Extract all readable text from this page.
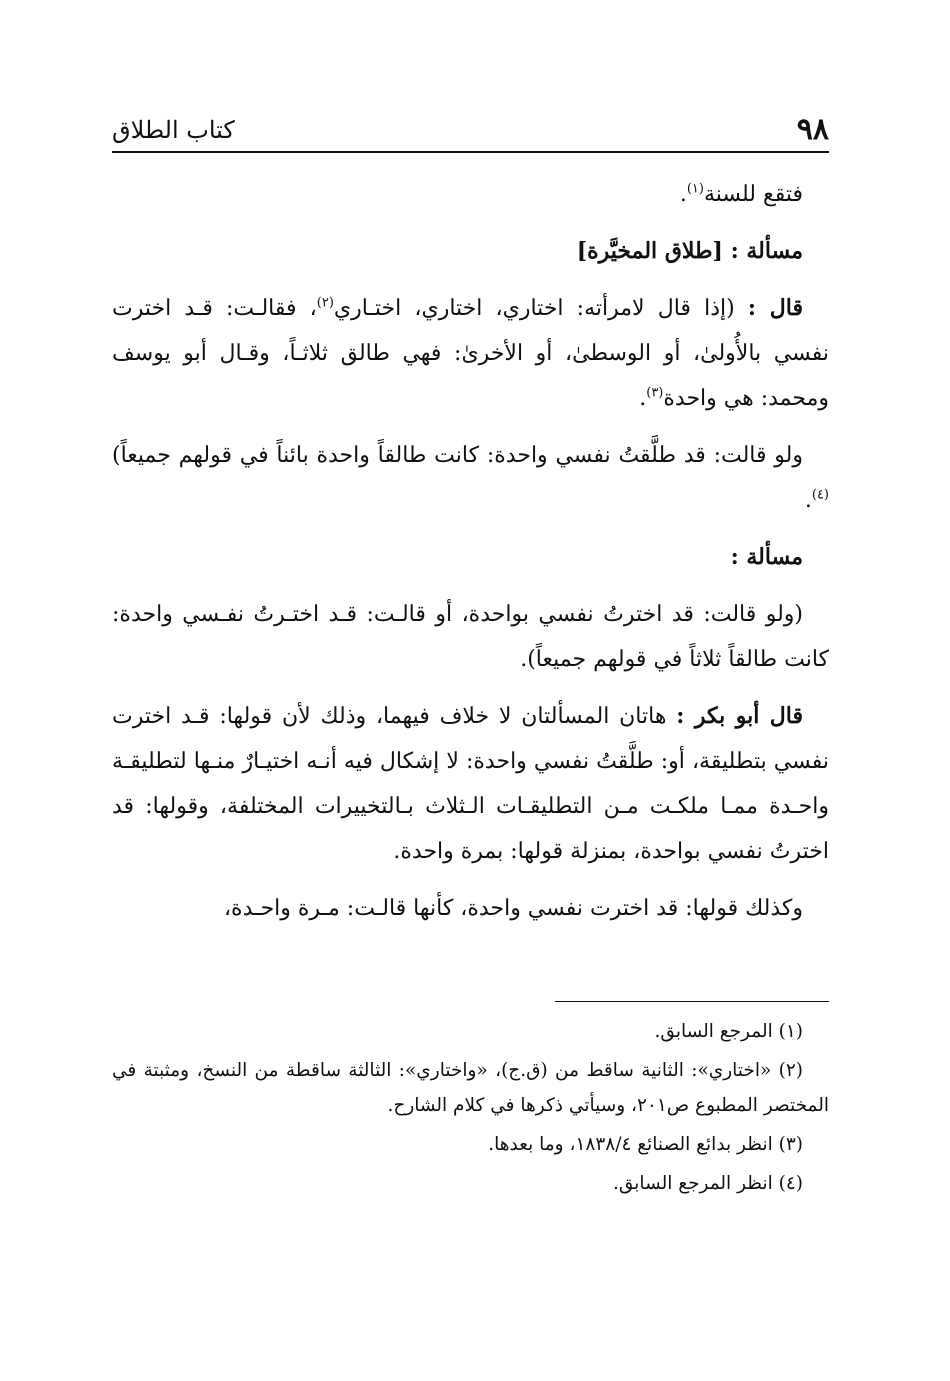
٩٨
كتاب الطلاق

فتقع للسنة$^{(١)}$.

مسألة : [طلاق المخيَّرة]

قال : (إذا قال لامرأته: اختاري، اختاري، اختـاري$^{(٢)}$، فقالـت: قـد اخترت نفسي بالأُولىٰ، أو الوسطىٰ، أو الأخرىٰ: فهي طالق ثلاثـاً، وقـال أبو يوسف ومحمد: هي واحدة$^{(٣)}$.

ولو قالت: قد طلَّقتُ نفسي واحدة: كانت طالقاً واحدة بائناً في قولهم جميعاً)$^{(٤)}$.

مسألة :

(ولو قالت: قد اخترتُ نفسي بواحدة، أو قالـت: قـد اختـرتُ نفـسي واحدة: كانت طالقاً ثلاثاً في قولهم جميعاً).

قال أبو بكر : هاتان المسألتان لا خلاف فيهما، وذلك لأن قولها: قـد اخترت نفسي بتطليقة، أو: طلَّقتُ نفسي واحدة: لا إشكال فيه أنـه اختيـارٌ منـها لتطليقـة واحـدة ممـا ملكـت مـن التطليقـات الـثلاث بـالتخييرات المختلفة، وقولها: قد اخترتُ نفسي بواحدة، بمنزلة قولها: بمرة واحدة.

وكذلك قولها: قد اخترت نفسي واحدة، كأنها قالـت: مـرة واحـدة،

(١) المرجع السابق.

(٢) «اختاري»: الثانية ساقط من (ق.ج)، «واختاري»: الثالثة ساقطة من النسخ، ومثبتة في المختصر المطبوع ص٢٠١، وسيأتي ذكرها في كلام الشارح.

(٣) انظر بدائع الصنائع ١٨٣٨/٤، وما بعدها.

(٤) انظر المرجع السابق.
